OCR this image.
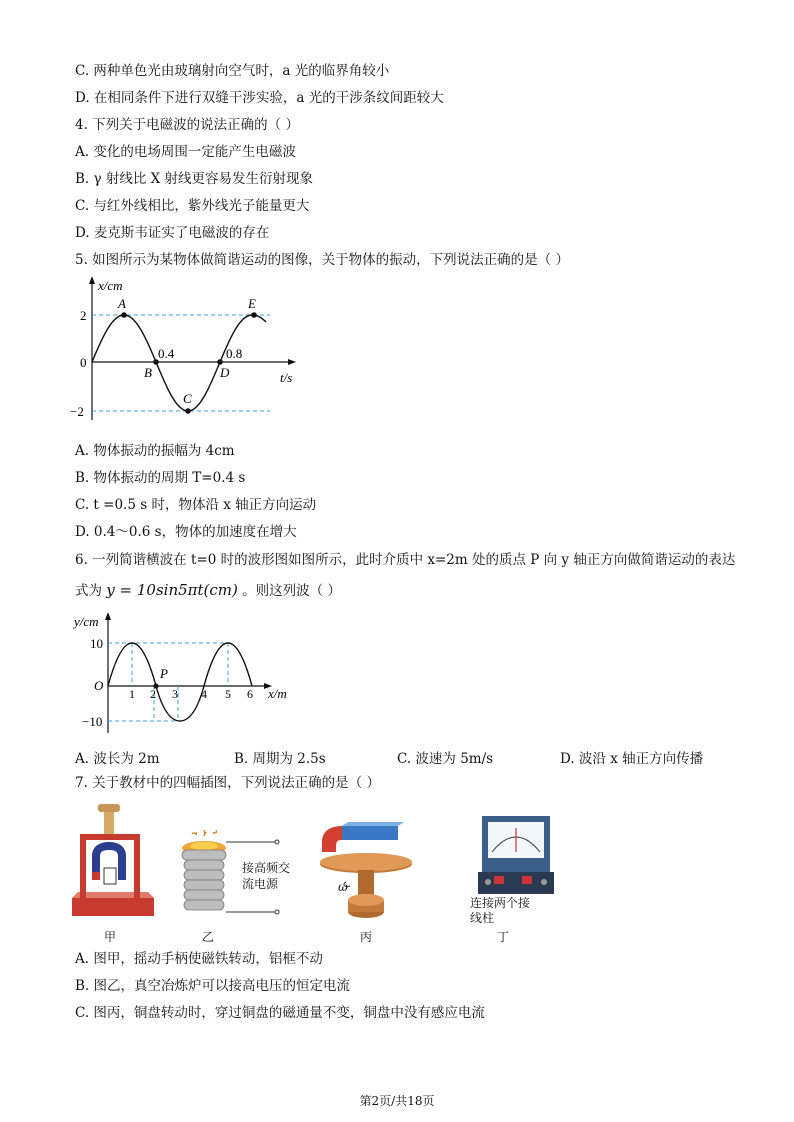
C. 两种单色光由玻璃射向空气时，a 光的临界角较小
D. 在相同条件下进行双缝干涉实验，a 光的干涉条纹间距较大
4. 下列关于电磁波的说法正确的（ ）
A. 变化的电场周围一定能产生电磁波
B. γ 射线比 X 射线更容易发生衍射现象
C. 与红外线相比，紫外线光子能量更大
D. 麦克斯韦证实了电磁波的存在
5. 如图所示为某物体做简谐运动的图像，关于物体的振动，下列说法正确的是（ ）
x/cm
t/s
2
0
−2
0.4	0.8
A
B
C
D
E
A. 物体振动的振幅为 4cm
B. 物体振动的周期 T=0.4 s
C. t =0.5 s 时，物体沿 x 轴正方向运动
D. 0.4～0.6 s，物体的加速度在增大
6. 一列简谐横波在 t=0 时的波形图如图所示，此时介质中 x=2m 处的质点 P 向 y 轴正方向做简谐运动的表达
式为 y = 10sin5πt(cm) 。则这列波（ ）
y/cm
10
−10
O
P
1 2 3 4 5 6 x/m
A. 波长为 2m	B. 周期为 2.5s	C. 波速为 5m/s	D. 波沿 x 轴正方向传播
7. 关于教材中的四幅插图，下列说法正确的是（ ）
甲
接高频交
流电源
乙
ω
丙
连接两个接
线柱
丁
A. 图甲，摇动手柄使磁铁转动，铝框不动
B. 图乙，真空冶炼炉可以接高电压的恒定电流
C. 图丙，铜盘转动时，穿过铜盘的磁通量不变，铜盘中没有感应电流
第2页/共18页
